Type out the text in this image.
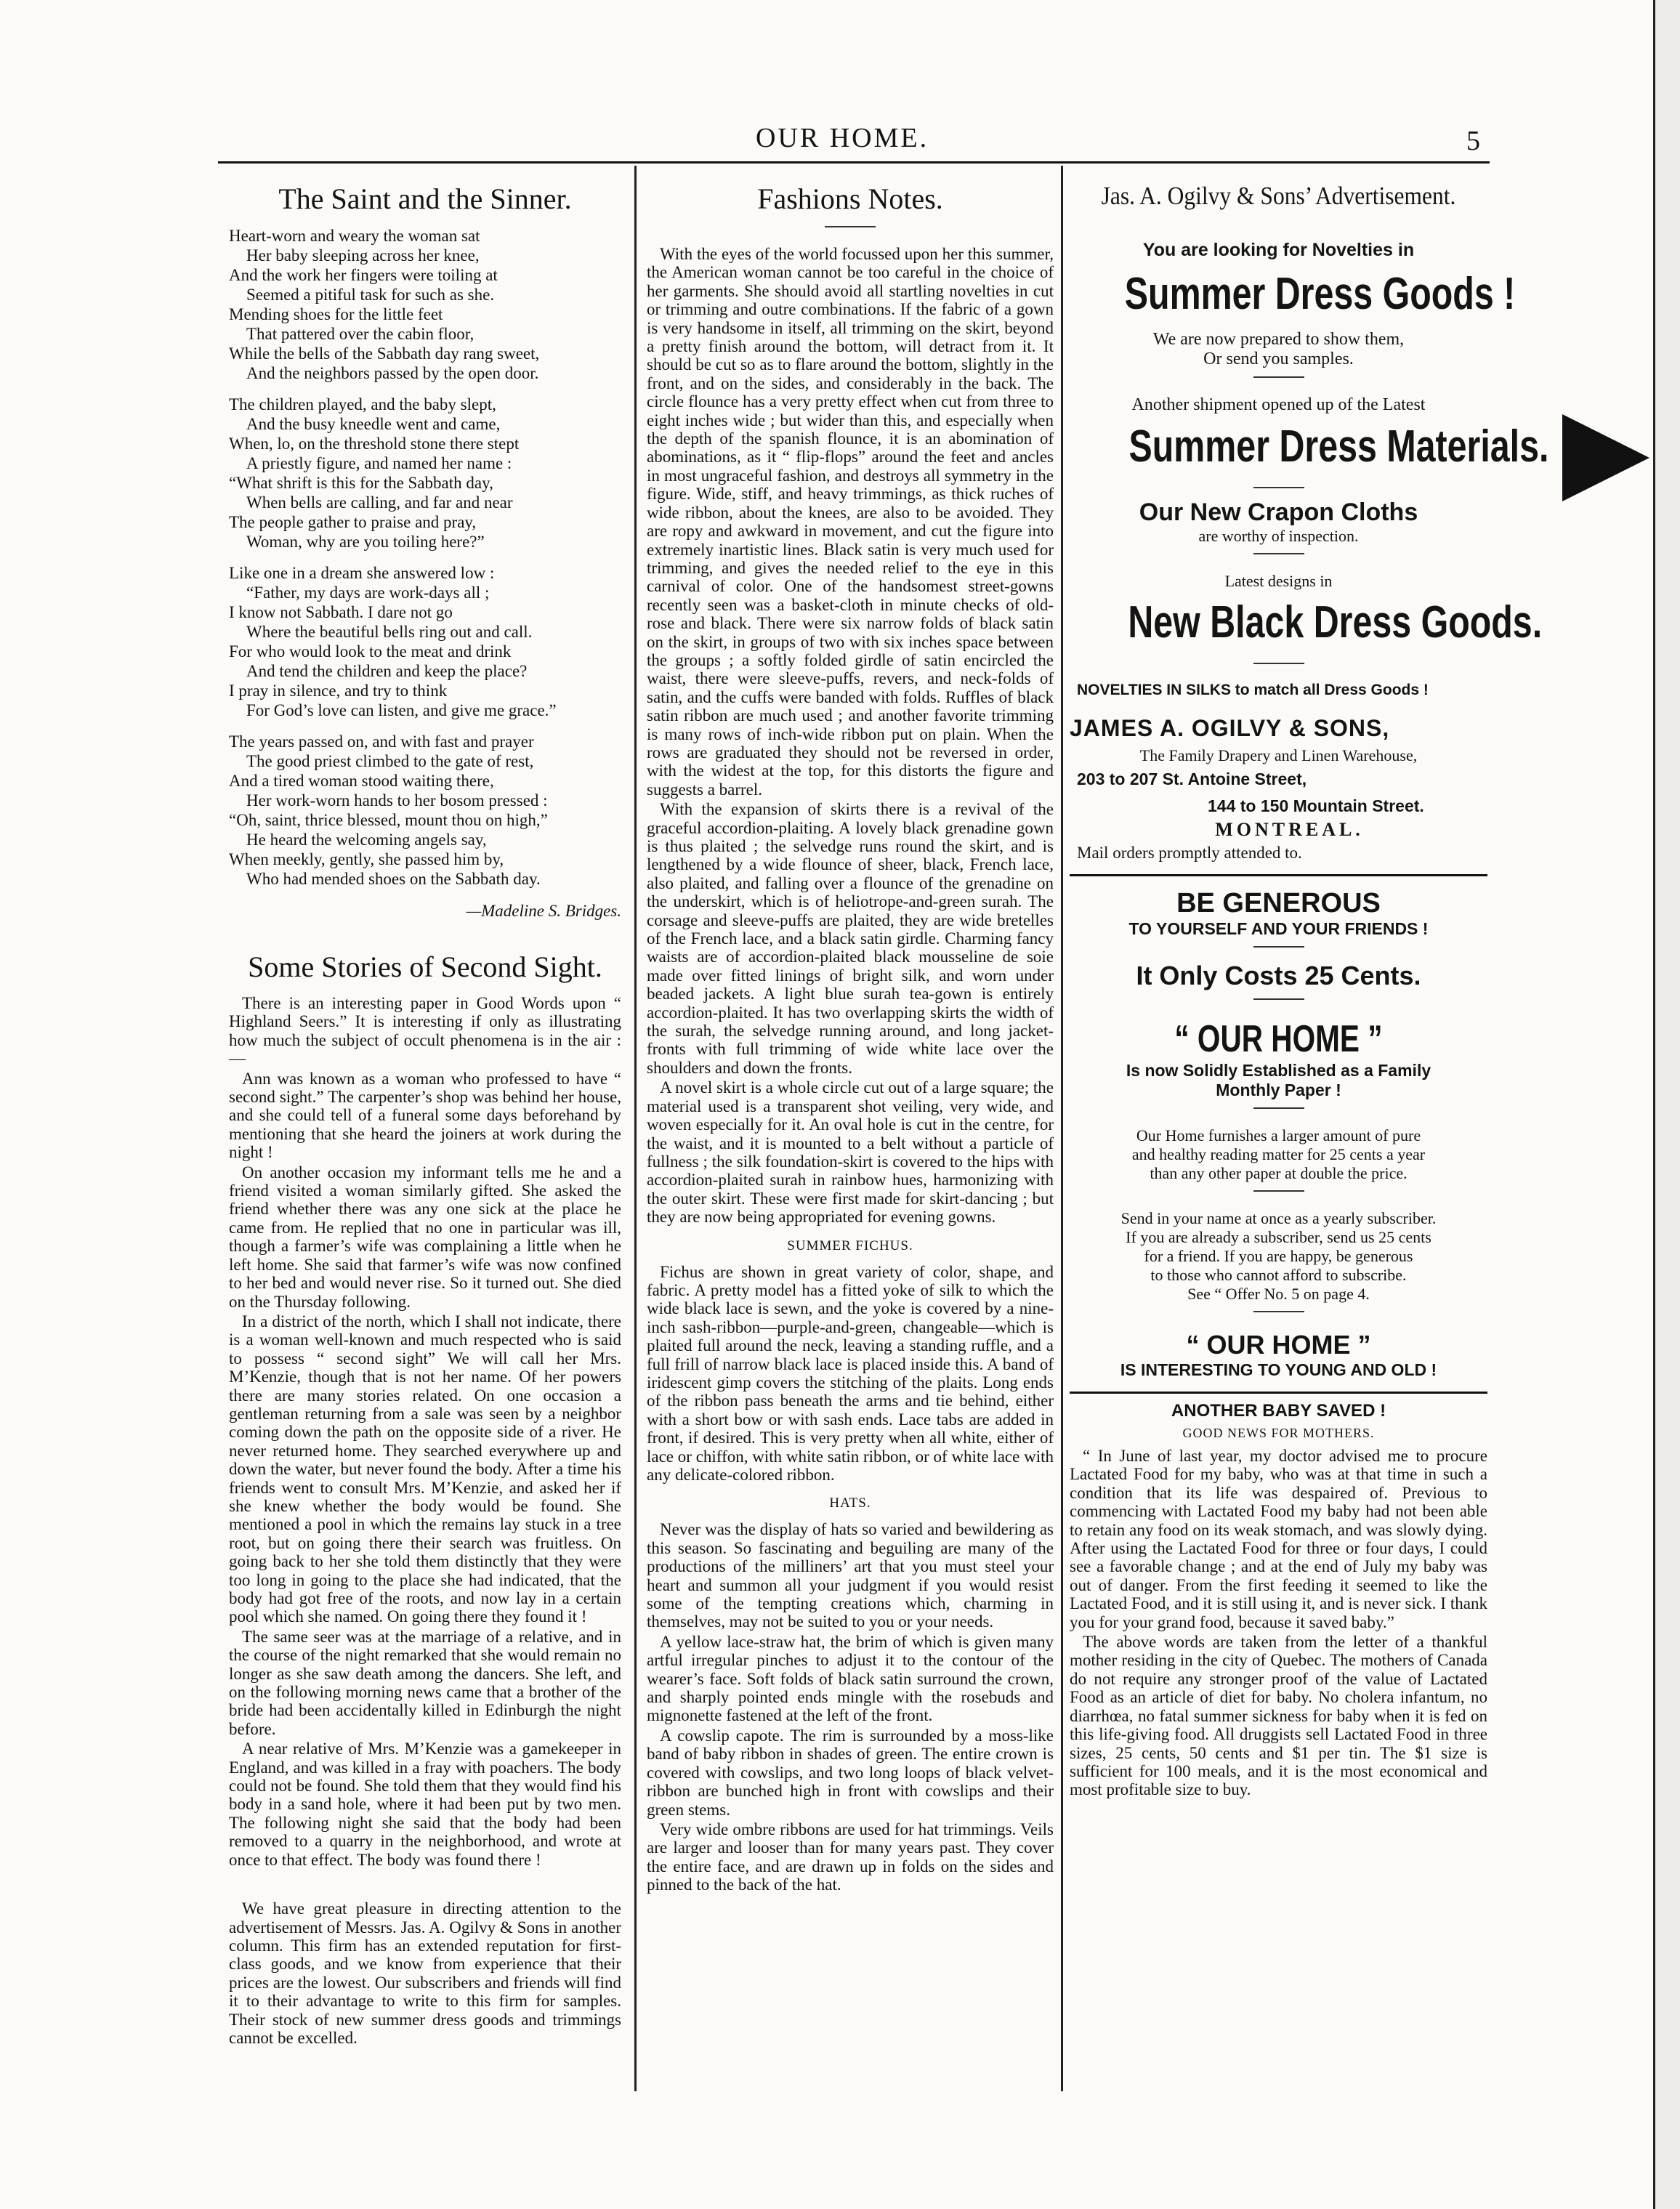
OUR HOME.	5
The Saint and the Sinner.
Heart-worn and weary the woman sat
Her baby sleeping across her knee,
And the work her fingers were toiling at
Seemed a pitiful task for such as she.
Mending shoes for the little feet
That pattered over the cabin floor,
While the bells of the Sabbath day rang sweet,
And the neighbors passed by the open door.
The children played, and the baby slept,
And the busy kneedle went and came,
When, lo, on the threshold stone there stept
A priestly figure, and named her name :
“What shrift is this for the Sabbath day,
When bells are calling, and far and near
The people gather to praise and pray,
Woman, why are you toiling here?”
Like one in a dream she answered low :
“Father, my days are work-days all ;
I know not Sabbath. I dare not go
Where the beautiful bells ring out and call.
For who would look to the meat and drink
And tend the children and keep the place?
I pray in silence, and try to think
For God’s love can listen, and give me grace.”
The years passed on, and with fast and prayer
The good priest climbed to the gate of rest,
And a tired woman stood waiting there,
Her work-worn hands to her bosom pressed :
“Oh, saint, thrice blessed, mount thou on high,”
He heard the welcoming angels say,
When meekly, gently, she passed him by,
Who had mended shoes on the Sabbath day.
—Madeline S. Bridges.
Some Stories of Second Sight.

There is an interesting paper in Good Words upon “ Highland Seers.” It is interesting if only as illustrating how much the subject of occult phenomena is in the air :—

Ann was known as a woman who professed to have “ second sight.” The carpenter’s shop was behind her house, and she could tell of a funeral some days beforehand by mentioning that she heard the joiners at work during the night !

On another occasion my informant tells me he and a friend visited a woman similarly gifted. She asked the friend whether there was any one sick at the place he came from. He replied that no one in particular was ill, though a farmer’s wife was complaining a little when he left home. She said that farmer’s wife was now confined to her bed and would never rise. So it turned out. She died on the Thursday following.

In a district of the north, which I shall not indicate, there is a woman well-known and much respected who is said to possess “ second sight” We will call her Mrs. M’Kenzie, though that is not her name. Of her powers there are many stories related. On one occasion a gentleman returning from a sale was seen by a neighbor coming down the path on the opposite side of a river. He never returned home. They searched everywhere up and down the water, but never found the body. After a time his friends went to consult Mrs. M’Kenzie, and asked her if she knew whether the body would be found. She mentioned a pool in which the remains lay stuck in a tree root, but on going there their search was fruitless. On going back to her she told them distinctly that they were too long in going to the place she had indicated, that the body had got free of the roots, and now lay in a certain pool which she named. On going there they found it !

The same seer was at the marriage of a relative, and in the course of the night remarked that she would remain no longer as she saw death among the dancers. She left, and on the following morning news came that a brother of the bride had been accidentally killed in Edinburgh the night before.

A near relative of Mrs. M’Kenzie was a gamekeeper in England, and was killed in a fray with poachers. The body could not be found. She told them that they would find his body in a sand hole, where it had been put by two men. The following night she said that the body had been removed to a quarry in the neighborhood, and wrote at once to that effect. The body was found there !

We have great pleasure in directing attention to the advertisement of Messrs. Jas. A. Ogilvy & Sons in another column. This firm has an extended reputation for first-class goods, and we know from experience that their prices are the lowest. Our subscribers and friends will find it to their advantage to write to this firm for samples. Their stock of new summer dress goods and trimmings cannot be excelled.

Fashions Notes.

With the eyes of the world focussed upon her this summer, the American woman cannot be too careful in the choice of her garments. She should avoid all startling novelties in cut or trimming and outre combinations. If the fabric of a gown is very handsome in itself, all trimming on the skirt, beyond a pretty finish around the bottom, will detract from it. It should be cut so as to flare around the bottom, slightly in the front, and on the sides, and considerably in the back. The circle flounce has a very pretty effect when cut from three to eight inches wide ; but wider than this, and especially when the depth of the spanish flounce, it is an abomination of abominations, as it “ flip-flops” around the feet and ancles in most ungraceful fashion, and destroys all symmetry in the figure. Wide, stiff, and heavy trimmings, as thick ruches of wide ribbon, about the knees, are also to be avoided. They are ropy and awkward in movement, and cut the figure into extremely inartistic lines. Black satin is very much used for trimming, and gives the needed relief to the eye in this carnival of color. One of the handsomest street-gowns recently seen was a basket-cloth in minute checks of old-rose and black. There were six narrow folds of black satin on the skirt, in groups of two with six inches space between the groups ; a softly folded girdle of satin encircled the waist, there were sleeve-puffs, revers, and neck-folds of satin, and the cuffs were banded with folds. Ruffles of black satin ribbon are much used ; and another favorite trimming is many rows of inch-wide ribbon put on plain. When the rows are graduated they should not be reversed in order, with the widest at the top, for this distorts the figure and suggests a barrel.

With the expansion of skirts there is a revival of the graceful accordion-plaiting. A lovely black grenadine gown is thus plaited ; the selvedge runs round the skirt, and is lengthened by a wide flounce of sheer, black, French lace, also plaited, and falling over a flounce of the grenadine on the underskirt, which is of heliotrope-and-green surah. The corsage and sleeve-puffs are plaited, they are wide bretelles of the French lace, and a black satin girdle. Charming fancy waists are of accordion-plaited black mousseline de soie made over fitted linings of bright silk, and worn under beaded jackets. A light blue surah tea-gown is entirely accordion-plaited. It has two overlapping skirts the width of the surah, the selvedge running around, and long jacket-fronts with full trimming of wide white lace over the shoulders and down the fronts.

A novel skirt is a whole circle cut out of a large square; the material used is a transparent shot veiling, very wide, and woven especially for it. An oval hole is cut in the centre, for the waist, and it is mounted to a belt without a particle of fullness ; the silk foundation-skirt is covered to the hips with accordion-plaited surah in rainbow hues, harmonizing with the outer skirt. These were first made for skirt-dancing ; but they are now being appropriated for evening gowns.

SUMMER FICHUS.

Fichus are shown in great variety of color, shape, and fabric. A pretty model has a fitted yoke of silk to which the wide black lace is sewn, and the yoke is covered by a nine-inch sash-ribbon—purple-and-green, changeable—which is plaited full around the neck, leaving a standing ruffle, and a full frill of narrow black lace is placed inside this. A band of iridescent gimp covers the stitching of the plaits. Long ends of the ribbon pass beneath the arms and tie behind, either with a short bow or with sash ends. Lace tabs are added in front, if desired. This is very pretty when all white, either of lace or chiffon, with white satin ribbon, or of white lace with any delicate-colored ribbon.

HATS.

Never was the display of hats so varied and bewildering as this season. So fascinating and beguiling are many of the productions of the milliners’ art that you must steel your heart and summon all your judgment if you would resist some of the tempting creations which, charming in themselves, may not be suited to you or your needs.

A yellow lace-straw hat, the brim of which is given many artful irregular pinches to adjust it to the contour of the wearer’s face. Soft folds of black satin surround the crown, and sharply pointed ends mingle with the rosebuds and mignonette fastened at the left of the front.

A cowslip capote. The rim is surrounded by a moss-like band of baby ribbon in shades of green. The entire crown is covered with cowslips, and two long loops of black velvet-ribbon are bunched high in front with cowslips and their green stems.

Very wide ombre ribbons are used for hat trimmings. Veils are larger and looser than for many years past. They cover the entire face, and are drawn up in folds on the sides and pinned to the back of the hat.

Jas. A. Ogilvy & Sons’ Advertisement.
You are looking for Novelties in
Summer Dress Goods !
We are now prepared to show them,
Or send you samples.
Another shipment opened up of the Latest
Summer Dress Materials.
Our New Crapon Cloths
are worthy of inspection.
Latest designs in
New Black Dress Goods.
NOVELTIES IN SILKS to match all Dress Goods !
JAMES A. OGILVY & SONS,
The Family Drapery and Linen Warehouse,
203 to 207 St. Antoine Street,
144 to 150 Mountain Street.
MONTREAL.
Mail orders promptly attended to.
BE GENEROUS
TO YOURSELF AND YOUR FRIENDS !
It Only Costs 25 Cents.
“ OUR HOME ”
Is now Solidly Established as a Family
Monthly Paper !
Our Home furnishes a larger amount of pure
and healthy reading matter for 25 cents a year
than any other paper at double the price.
Send in your name at once as a yearly subscriber.
If you are already a subscriber, send us 25 cents
for a friend. If you are happy, be generous
to those who cannot afford to subscribe.
See “ Offer No. 5 on page 4.
“ OUR HOME ”
IS INTERESTING TO YOUNG AND OLD !
ANOTHER BABY SAVED !
GOOD NEWS FOR MOTHERS.

“ In June of last year, my doctor advised me to procure Lactated Food for my baby, who was at that time in such a condition that its life was despaired of. Previous to commencing with Lactated Food my baby had not been able to retain any food on its weak stomach, and was slowly dying. After using the Lactated Food for three or four days, I could see a favorable change ; and at the end of July my baby was out of danger. From the first feeding it seemed to like the Lactated Food, and it is still using it, and is never sick. I thank you for your grand food, because it saved baby.”

The above words are taken from the letter of a thankful mother residing in the city of Quebec. The mothers of Canada do not require any stronger proof of the value of Lactated Food as an article of diet for baby. No cholera infantum, no diarrhœa, no fatal summer sickness for baby when it is fed on this life-giving food. All druggists sell Lactated Food in three sizes, 25 cents, 50 cents and $1 per tin. The $1 size is sufficient for 100 meals, and it is the most economical and most profitable size to buy.
